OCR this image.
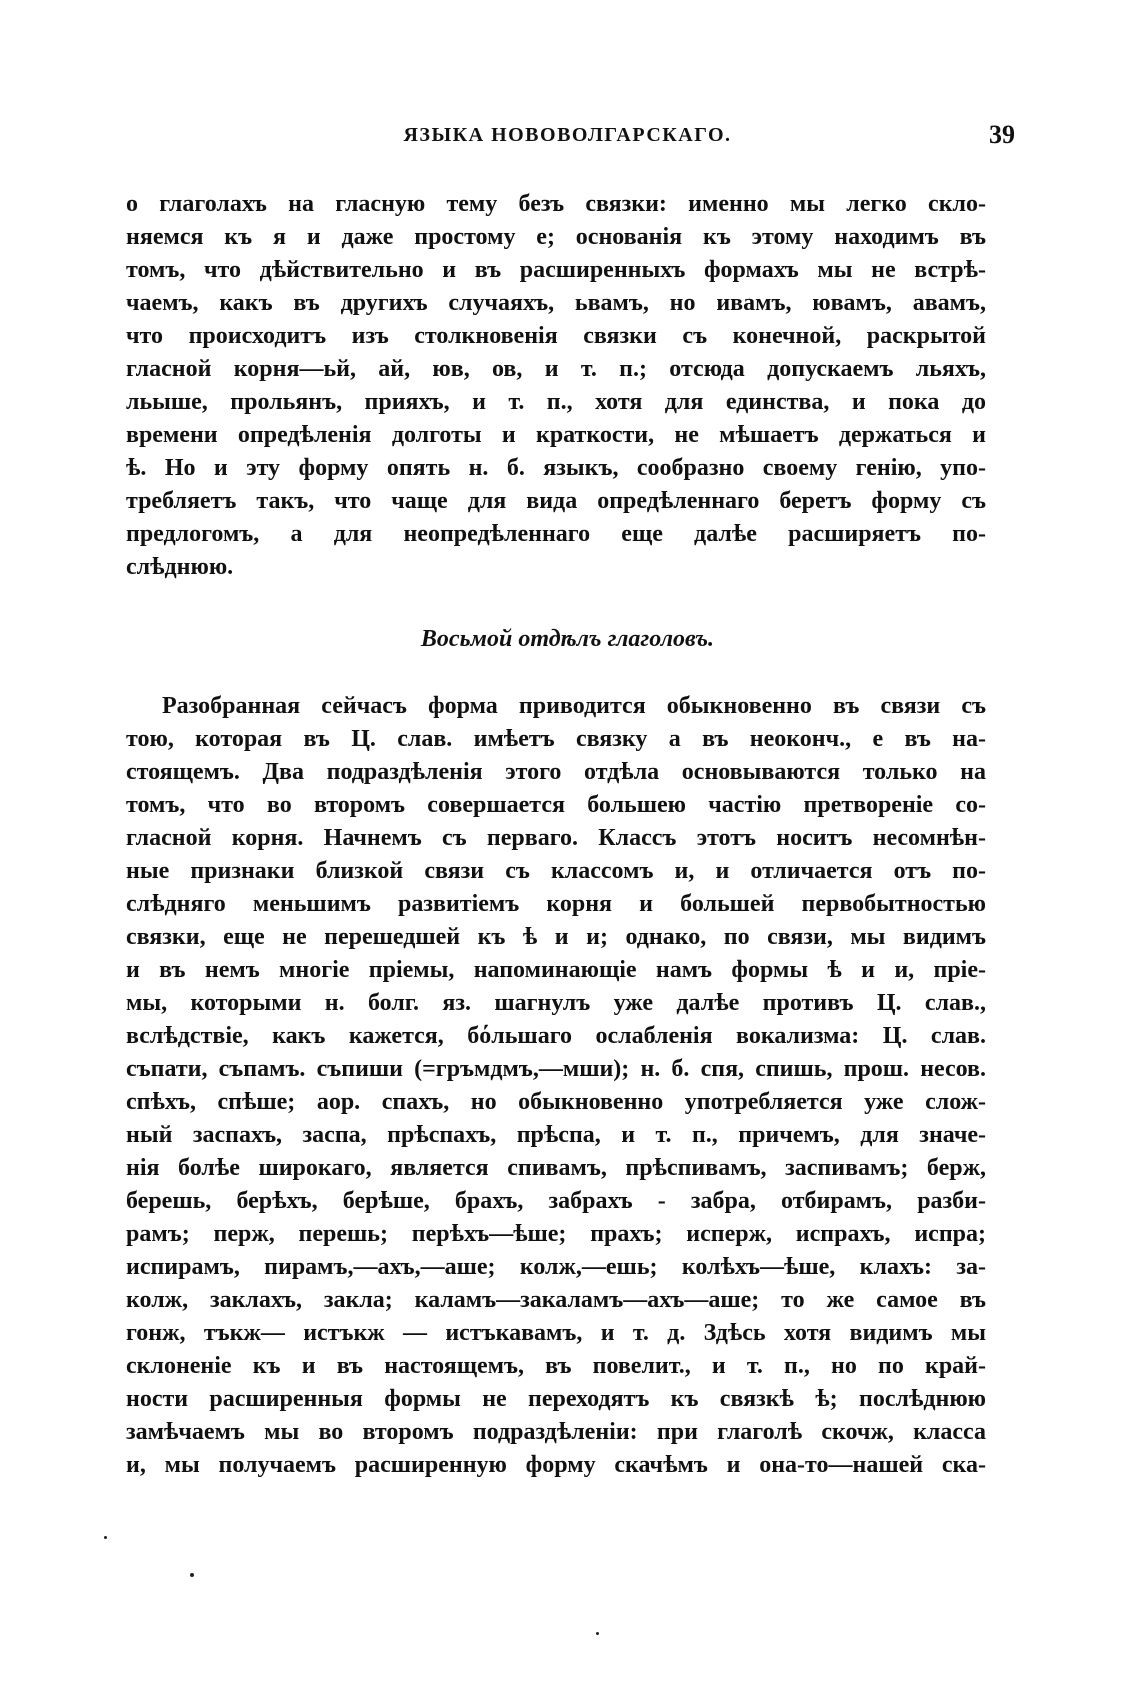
ЯЗЫКА НОВОВОЛГАРСКАГО.	39
о глаголахъ на гласную тему безъ связки: именно мы легко скло-
няемся къ я и даже простому е; основанія къ этому находимъ въ
томъ, что дѣйствительно и въ расширенныхъ формахъ мы не встрѣ-
чаемъ, какъ въ другихъ случаяхъ, ьвамъ, но ивамъ, ювамъ, авамъ,
что происходитъ изъ столкновенія связки съ конечной, раскрытой
гласной корня—ьй, ай, юв, ов, и т. п.; отсюда допускаемъ льяхъ,
льыше, прольянъ, прияхъ, и т. п., хотя для единства, и пока до
времени опредѣленія долготы и краткости, не мѣшаетъ держаться и
ѣ. Но и эту форму опять н. б. языкъ, сообразно своему генію, упо-
требляетъ такъ, что чаще для вида опредѣленнаго беретъ форму съ
предлогомъ, а для неопредѣленнаго еще далѣе расширяетъ по-
слѣднюю.
Восьмой отдѣлъ глаголовъ.
Разобранная сейчасъ форма приводится обыкновенно въ связи съ
тою, которая въ Ц. слав. имѣетъ связку а въ неоконч., е въ на-
стоящемъ. Два подраздѣленія этого отдѣла основываются только на
томъ, что во второмъ совершается большею частію претвореніе со-
гласной корня. Начнемъ съ перваго. Классъ этотъ носитъ несомнѣн-
ные признаки близкой связи съ классомъ и, и отличается отъ по-
слѣдняго меньшимъ развитіемъ корня и большей первобытностью
связки, еще не перешедшей къ ѣ и и; однако, по связи, мы видимъ
и въ немъ многіе пріемы, напоминающіе намъ формы ѣ и и, пріе-
мы, которыми н. болг. яз. шагнулъ уже далѣе противъ Ц. слав.,
вслѣдствіе, какъ кажется, бόльшаго ослабленія вокализма: Ц. слав.
съпати, съпамъ. съпиши (=гръмдмъ,—мши); н. б. спя, спишь, прош. несов.
спѣхъ, спѣше; аор. спахъ, но обыкновенно употребляется уже слож-
ный заспахъ, заспа, прѣспахъ, прѣспа, и т. п., причемъ, для значе-
нія болѣе широкаго, является спивамъ, прѣспивамъ, заспивамъ; берж,
берешь, берѣхъ, берѣше, брахъ, забрахъ - забра, отбирамъ, разби-
рамъ; перж, перешь; перѣхъ—ѣше; прахъ; исперж, испрахъ, испра;
испирамъ, пирамъ,—ахъ,—аше; колж,—ешь; колѣхъ—ѣше, клахъ: за-
колж, заклахъ, закла; каламъ—закаламъ—ахъ—аше; то же самое въ
гонж, тъкж— истъкж — истъкавамъ, и т. д. Здѣсь хотя видимъ мы
склоненіе къ и въ настоящемъ, въ повелит., и т. п., но по край-
ности расширенныя формы не переходятъ къ связкѣ ѣ; послѣднюю
замѣчаемъ мы во второмъ подраздѣленіи: при глаголѣ скочж, класса
и, мы получаемъ расширенную форму скачѣмъ и она-то—нашей ска-
